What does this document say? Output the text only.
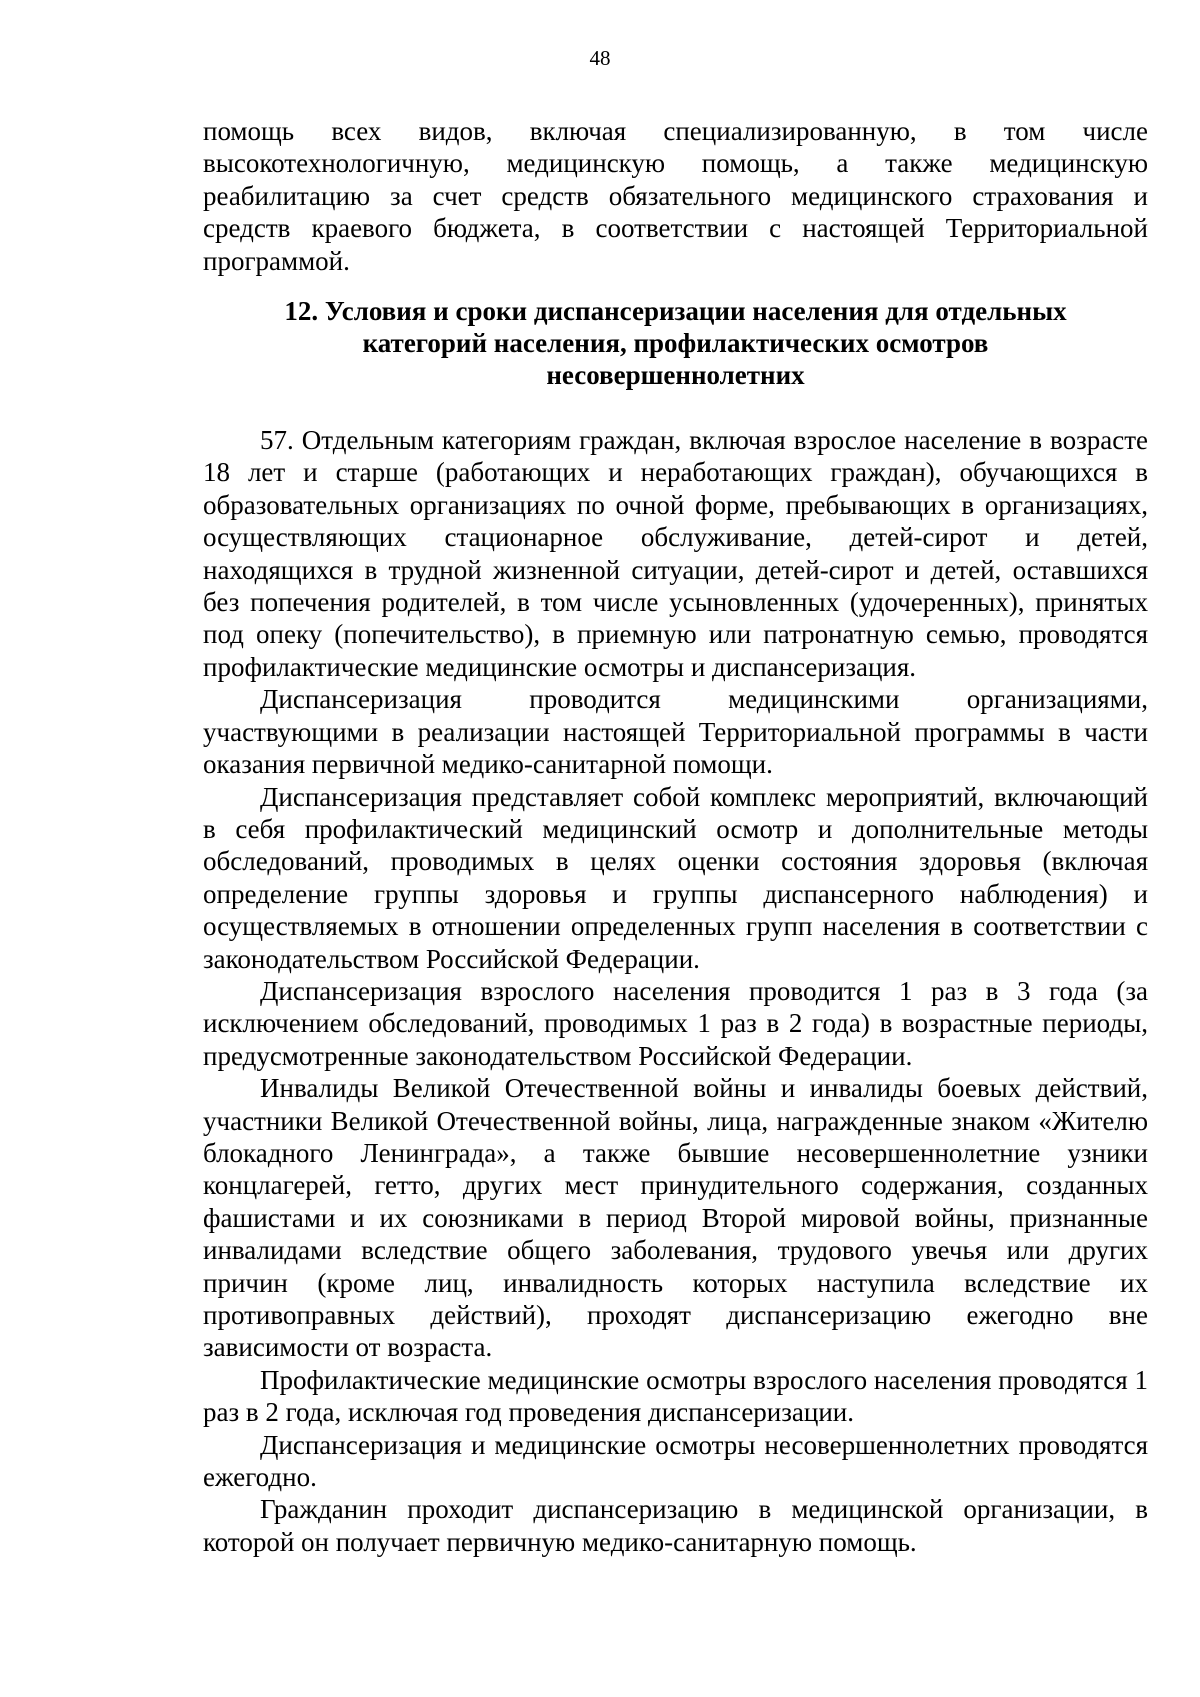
48

помощь всех видов, включая специализированную, в том числе высокотехнологичную, медицинскую помощь, а также медицинскую реабилитацию за счет средств обязательного медицинского страхования и средств краевого бюджета, в соответствии с настоящей Территориальной программой.

12. Условия и сроки диспансеризации населения для отдельных
категорий населения, профилактических осмотров
несовершеннолетних

57. Отдельным категориям граждан, включая взрослое население в возрасте 18 лет и старше (работающих и неработающих граждан), обучающихся в образовательных организациях по очной форме, пребывающих в организациях, осуществляющих стационарное обслуживание, детей-сирот и детей, находящихся в трудной жизненной ситуации, детей-сирот и детей, оставшихся без попечения родителей, в том числе усыновленных (удочеренных), принятых под опеку (попечительство), в приемную или патронатную семью, проводятся профилактические медицинские осмотры и диспансеризация.

Диспансеризация проводится медицинскими организациями, участвующими в реализации настоящей Территориальной программы в части оказания первичной медико-санитарной помощи.

Диспансеризация представляет собой комплекс мероприятий, включающий в себя профилактический медицинский осмотр и дополнительные методы обследований, проводимых в целях оценки состояния здоровья (включая определение группы здоровья и группы диспансерного наблюдения) и осуществляемых в отношении определенных групп населения в соответствии с законодательством Российской Федерации.

Диспансеризация взрослого населения проводится 1 раз в 3 года (за исключением обследований, проводимых 1 раз в 2 года) в возрастные периоды, предусмотренные законодательством Российской Федерации.

Инвалиды Великой Отечественной войны и инвалиды боевых действий, участники Великой Отечественной войны, лица, награжденные знаком «Жителю блокадного Ленинграда», а также бывшие несовершеннолетние узники концлагерей, гетто, других мест принудительного содержания, созданных фашистами и их союзниками в период Второй мировой войны, признанные инвалидами вследствие общего заболевания, трудового увечья или других причин (кроме лиц, инвалидность которых наступила вследствие их противоправных действий), проходят диспансеризацию ежегодно вне зависимости от возраста.

Профилактические медицинские осмотры взрослого населения проводятся 1 раз в 2 года, исключая год проведения диспансеризации.

Диспансеризация и медицинские осмотры несовершеннолетних проводятся ежегодно.

Гражданин проходит диспансеризацию в медицинской организации, в которой он получает первичную медико-санитарную помощь.
